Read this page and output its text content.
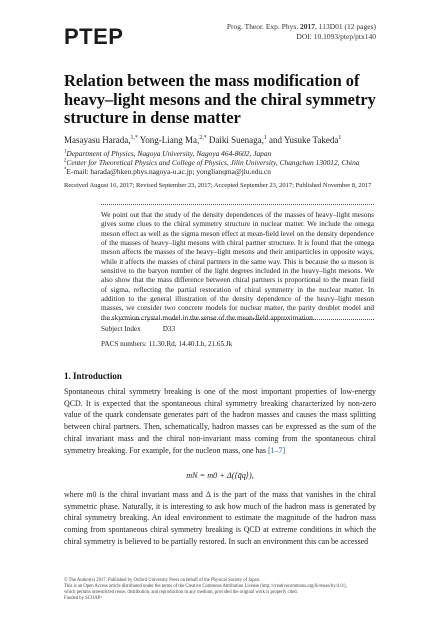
PTEP	Prog. Theor. Exp. Phys. 2017, 113D01 (12 pages)
DOI: 10.1093/ptep/ptx140
Relation between the mass modification of heavy–light mesons and the chiral symmetry structure in dense matter
Masayasu Harada,$^{1,*}$ Yong-Liang Ma,$^{2,*}$ Daiki Suenaga,$^1$ and Yusuke Takeda$^1$
$^1$Department of Physics, Nagoya University, Nagoya 464-8602, Japan
$^2$Center for Theoretical Physics and College of Physics, Jilin University, Changchun 130012, China
*E-mail: harada@hken.phys.nagoya-u.ac.jp; yonglianqma@jlu.edu.cn
Received August 16, 2017; Revised September 23, 2017; Accepted September 23, 2017; Published November 8, 2017
We point out that the study of the density dependences of the masses of heavy–light mesons gives some clues to the chiral symmetry structure in nuclear matter. We include the omega meson effect as well as the sigma meson effect at mean-field level on the density dependence of the masses of heavy–light mesons with chiral partner structure. It is found that the omega meson affects the masses of the heavy–light mesons and their antiparticles in opposite ways, while it affects the masses of chiral partners in the same way. This is because the ω meson is sensitive to the baryon number of the light degrees included in the heavy–light mesons. We also show that the mass difference between chiral partners is proportional to the mean field of sigma, reflecting the partial restoration of chiral symmetry in the nuclear matter. In addition to the general illustration of the density dependence of the heavy–light meson masses, we consider two concrete models for nuclear matter, the parity doublet model and the skyrmion crystal model in the sense of the mean-field approximation.
Subject Index	D33
PACS numbers: 11.30.Rd, 14.40.Lb, 21.65.Jk
1. Introduction
Spontaneous chiral symmetry breaking is one of the most important properties of low-energy QCD. It is expected that the spontaneous chiral symmetry breaking characterized by non-zero value of the quark condensate generates part of the hadron masses and causes the mass splitting between chiral partners. Then, schematically, hadron masses can be expressed as the sum of the chiral invariant mass and the chiral non-invariant mass coming from the spontaneous chiral symmetry breaking. For example, for the nucleon mass, one has [1–7]
mN = m0 + Δ(⟨q̄q⟩),
where m0 is the chiral invariant mass and Δ is the part of the mass that vanishes in the chiral symmetric phase. Naturally, it is interesting to ask how much of the hadron mass is generated by chiral symmetry breaking. An ideal environment to estimate the magnitude of the hadron mass coming from spontaneous chiral symmetry breaking is QCD at extreme conditions in which the chiral symmetry is believed to be partially restored. In such an environment this can be accessed
© The Author(s) 2017. Published by Oxford University Press on behalf of the Physical Society of Japan.
This is an Open Access article distributed under the terms of the Creative Commons Attribution License (http://creativecommons.org/licenses/by/4.0/),
which permits unrestricted reuse, distribution, and reproduction in any medium, provided the original work is properly cited.
Funded by SCOAP³
